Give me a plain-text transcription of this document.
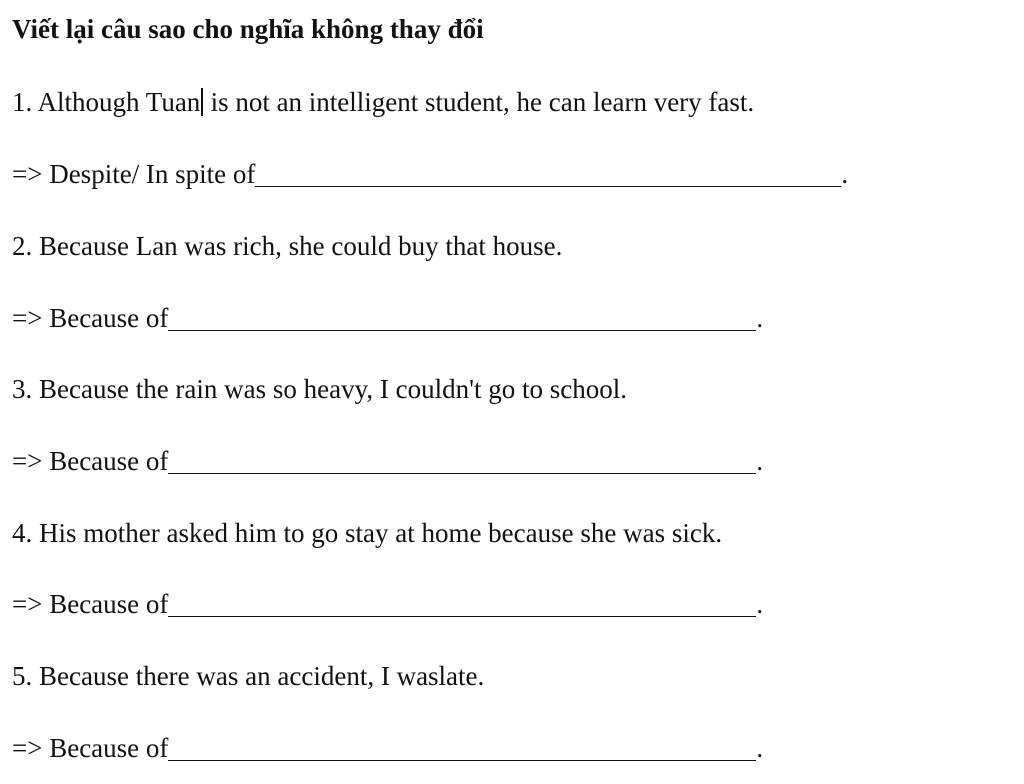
Viết lại câu sao cho nghĩa không thay đổi
1. Although Tuan is not an intelligent student, he can learn very fast.
=> Despite/ In spite of	.
2. Because Lan was rich, she could buy that house.
=> Because of	.
3. Because the rain was so heavy, I couldn't go to school.
=> Because of	.
4. His mother asked him to go stay at home because she was sick.
=> Because of	.
5. Because there was an accident, I waslate.
=> Because of	.
